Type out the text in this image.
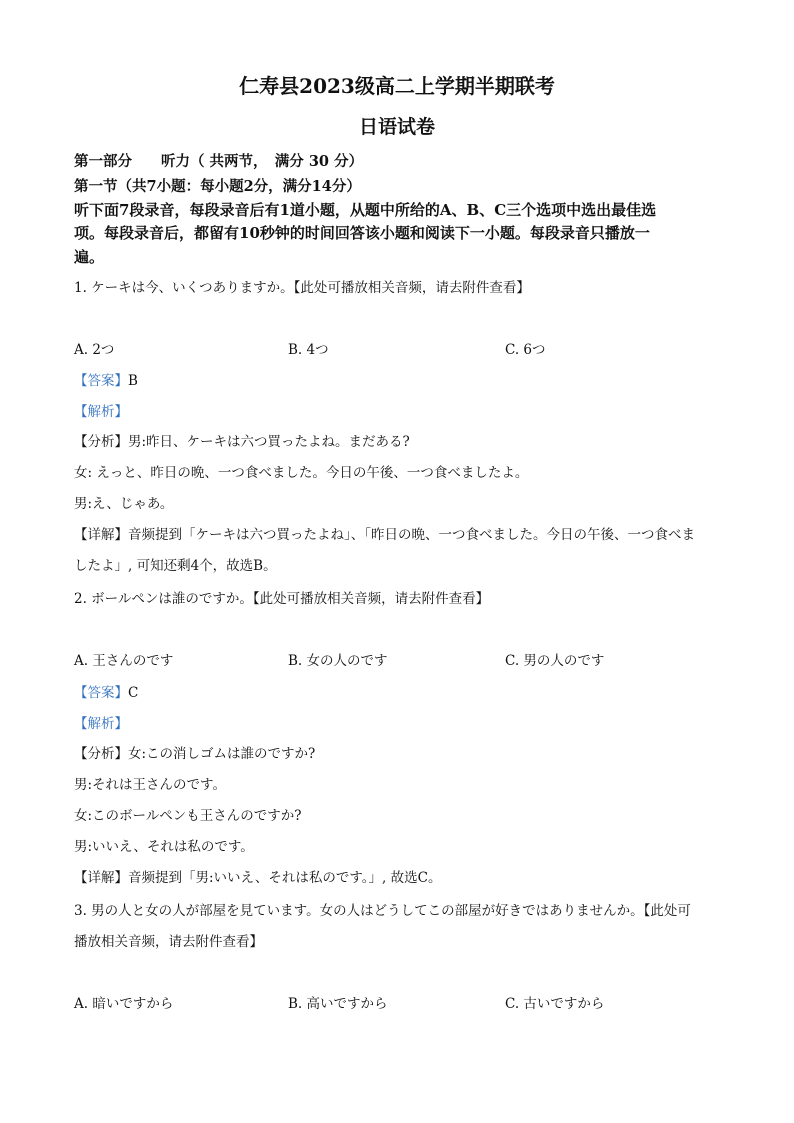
仁寿县2023级高二上学期半期联考
日语试卷
第一部分　　听力（ 共两节，　满分 30 分）
第一节（共7小题：每小题2分，满分14分）
听下面7段录音，每段录音后有1道小题，从题中所给的A、B、C三个选项中选出最佳选
项。每段录音后，都留有10秒钟的时间回答该小题和阅读下一小题。每段录音只播放一
遍。
1. ケーキは今、いくつありますか。【此处可播放相关音频，请去附件查看】
A. 2つ	B. 4つ	C. 6つ
【答案】B
【解析】
【分析】男:昨日、ケーキは六つ買ったよね。まだある?
女: えっと、昨日の晩、一つ食べました。今日の午後、一つ食べましたよ。
男:え、じゃあ。
【详解】音频提到「ケーキは六つ買ったよね」、「昨日の晩、一つ食べました。今日の午後、一つ食べま
したよ」, 可知还剩4个，故选B。
2. ボールペンは誰のですか。【此处可播放相关音频，请去附件查看】
A. 王さんのです	B. 女の人のです	C. 男の人のです
【答案】C
【解析】
【分析】女:この消しゴムは誰のですか?
男:それは王さんのです。
女:このボールペンも王さんのですか?
男:いいえ、それは私のです。
【详解】音频提到「男:いいえ、それは私のです。」, 故选C。
3. 男の人と女の人が部屋を見ています。女の人はどうしてこの部屋が好きではありませんか。【此处可
播放相关音频，请去附件查看】
A. 暗いですから	B. 高いですから	C. 古いですから
